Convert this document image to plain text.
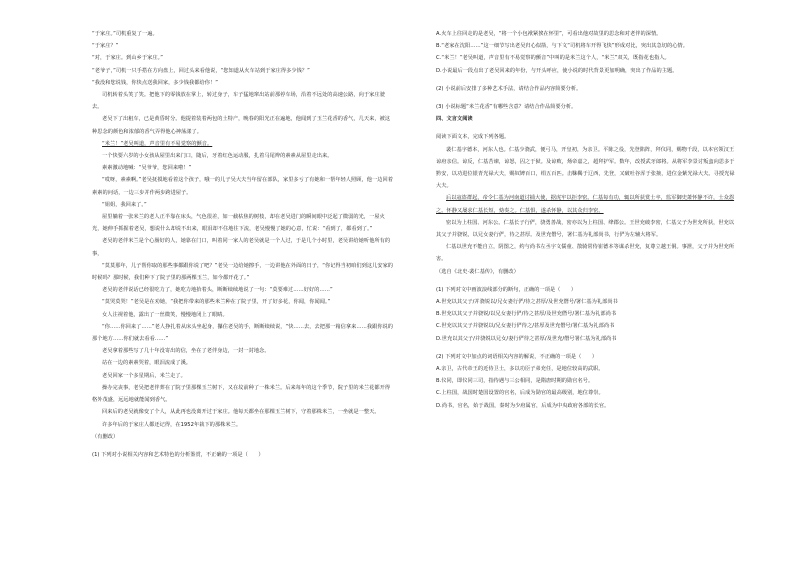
“于家庄。”司机重复了一遍。

“于家庄？”

“对，于家庄。到山乡于家庄。”

“老爷子，”司机一只手搭在方向盘上，回过头来看他说，“您知道从火车站到于家庄得多少钱？”

“我没和您说钱，你快点送我回家，多少钱我都给你！”

司机转着头笑了笑。把他下的零钱放在掌上，转过身子，车子猛地窜出站前那停车场，沿着不远处的高速公路，向于家庄驶去。

老吴下了出租车，已是黄昏时分。他提着装着两包的土特产，晚春的阳光正在遍地，他闻到了玉兰花香的香气，几天来，被这种思念的颜色和浓郁的香气弄得他心神荡漾了。

“米兰！”老吴叫道，声音里有不易觉察的颤音。

一个快要六岁的小女孩从屋里出来门口，随后，牙着红色运动服，扎着马尾辫的素素从屋里走出来。

素素激动地喊：“吴爷爷，您回来啦！”

“哎呀，素素啊。”老吴抚摸地看着这个孩子，哦一的儿子吴大夫当年留在部队，家里多亏了有她和一帮年轻人照顾，他一边回着素素的问话，一边三步并作两步跨进屋子。

“姐姐，我回来了。”

屋里躺着一张米兰的老人正半靠在床头，气色很差，如一截枯焦的树枝，却在老吴进门的瞬间眼中泛起了微弱的光，一屋火光，她伸手抓握着老吴，想说什么却说不出来，眼泪却不住地往下流，老吴慢慢了她的心意，忙说：“看到了，都看到了。”

老吴的老伴米兰是个心肠好的人，她靠在门口，叫着同一家人的老吴就是一个人过，于是几个小时里，老吴讲给她听他所有的事，

“莫莫那年，儿子帮你取的那些事都跟你说了吧？”老吴一边给她擦手，一边讲他在外面的日子，“你记得当初咱们到这儿安家的时候吗？那时候，我们种下了院子里的那两棵玉兰，如今都开花了。”

老吴的老伴说话已经很吃力了，她吃力地抬着头，断断续续地说了一句：“莫要难过……好好的……”

“莫哭莫哭！”老吴是在劝她，“我把你带来的那些米兰种在了院子里，开了好多花，你闻，你闻闻。”

女人注视着他，露出了一丝微笑，慢慢地闭上了眼睛。

“你……你回来了……”老人挣扎着从床头坐起身，攥住老吴的手，断断续续说，“快……去，去把那一箱信拿来……我跟你说的那个地方……你们就去看看……”

老吴拿着那些写了几十年没寄出的信，坐在了老伴身边，一封一封地念。

站在一边的素素哭着，眼泪流成了溪。

老吴回家一个多星期后，米兰走了。

操办完丧事，老吴把老伴葬在了院子里那棵玉兰树下，又在坟前种了一株米兰。后来每年的这个季节，院子里的米兰花都开得格外茂盛，远远地就能闻到香气。

回来后的老吴就像变了个人，从此再也没离开过于家庄。他每天都坐在那棵玉兰树下，守着那株米兰，一坐就是一整天。

许多年后的于家庄人都还记得，在1952年栽下的那株米兰。

（有删改）

(1) 下列对小说相关内容和艺术特色的分析鉴赏，不正确的一项是（　　）

A.火车上往回走的是老吴，“将一个小包袱紧挨在怀里”，可看出他对故里的思念和对老伴的深情。

B.“老家在沈阳……”这一细节写出老吴归心似箭，与下文“司机将车开得飞快”形成对比，突出其急切的心情。

C.“米兰！”老吴叫道，声音里有不易觉察的颤音”中叫的是米兰这个人，“米兰”双关，既指花也指人。

D.小说最后一段点出了老吴回来的年份，与开头呼应，使小说的时代背景更加明确，突出了作品的主题。

(2) 小说前后安排了多种艺术手法，请结合作品内容简要分析。

(3) 小说标题“米兰花香”有哪些含意？请结合作品简要分析。

四、文言文阅读

阅读下面文本，完成下列各题。

裴仁基字德本，河东人也。仁基少骁武，便弓马，开皇初，为亲卫。平陈之役，先登陷阵，拜仪同，赐物千段，以本官领汉王谅府亲信。谅反，仁基苦谏，谅怒，囚之于狱。及谅败，炀帝嘉之，超拜护军。数年，改授武牙郎将。从将军李景讨叛蛮向思多于黔安，以功进位银青光禄大夫，赐奴婢百口，绢五百匹。击靺鞨于辽西，先登，又破吐谷浑于张掖，进位金紫光禄大夫。寻授光禄大夫。

后以寇盗群起，帝令仁基为河南道讨捕大使，据虎牢以拒李密。仁基每有功，辄以所获赏士卒，监军御史萧怀静不许，士众怨之。怀静又屡求仁基长短，劾奏之。仁基惧，遂杀怀静，以其众归李密。

密以为上柱国、河东公。仁基长子行俨，骁勇善战，密亦以为上柱国、绛郡公。王世充破李密，仁基父子为世充所获，世充以其父子并骁锐，以兄女妻行俨，待之甚厚。及世充僭号，署仁基为礼部尚书，行俨为左辅大将军。

仁基以世充不能自立，阴图之，约与尚书左丞宇文儒童、散骑常侍崔德本等谋杀世充，复尊立越王侗。事泄，父子并为世充所害。

（选自《北史·裴仁基传》，有删改）

(1) 下列对文中画波浪线部分的断句，正确的一项是（　　）

A.世充以其父子/并骁锐以/兄女妻行俨/待之甚厚/及世充僭号/署仁基为礼部尚书

B.世充以其父子并骁锐/以兄女妻行俨/待之甚厚/及世充僭号/署仁基为礼部尚书

C.世充以其父子并骁锐以/兄女妻行俨待之/甚厚及世充僭号/署仁基为礼部尚书

D.世充以其父子/并骁锐以兄女/妻行俨待之甚厚/及世充/僭号署仁基为礼部尚书

(2) 下列对文中加点的词语相关内容的解说，不正确的一项是（　　）

A.亲卫，古代帝王的近侍卫士，多以功臣子弟充任，是地位较高的武职。

B.仪同，即仪同三司，指待遇与三公相同，是隋唐时期的勋官名号。

C.上柱国，战国时楚国设置的官名，后成为勋官的最高级别，地位尊崇。

D.尚书，官名，始于战国，秦时为少府属官，后成为中央政府各部的长官。
